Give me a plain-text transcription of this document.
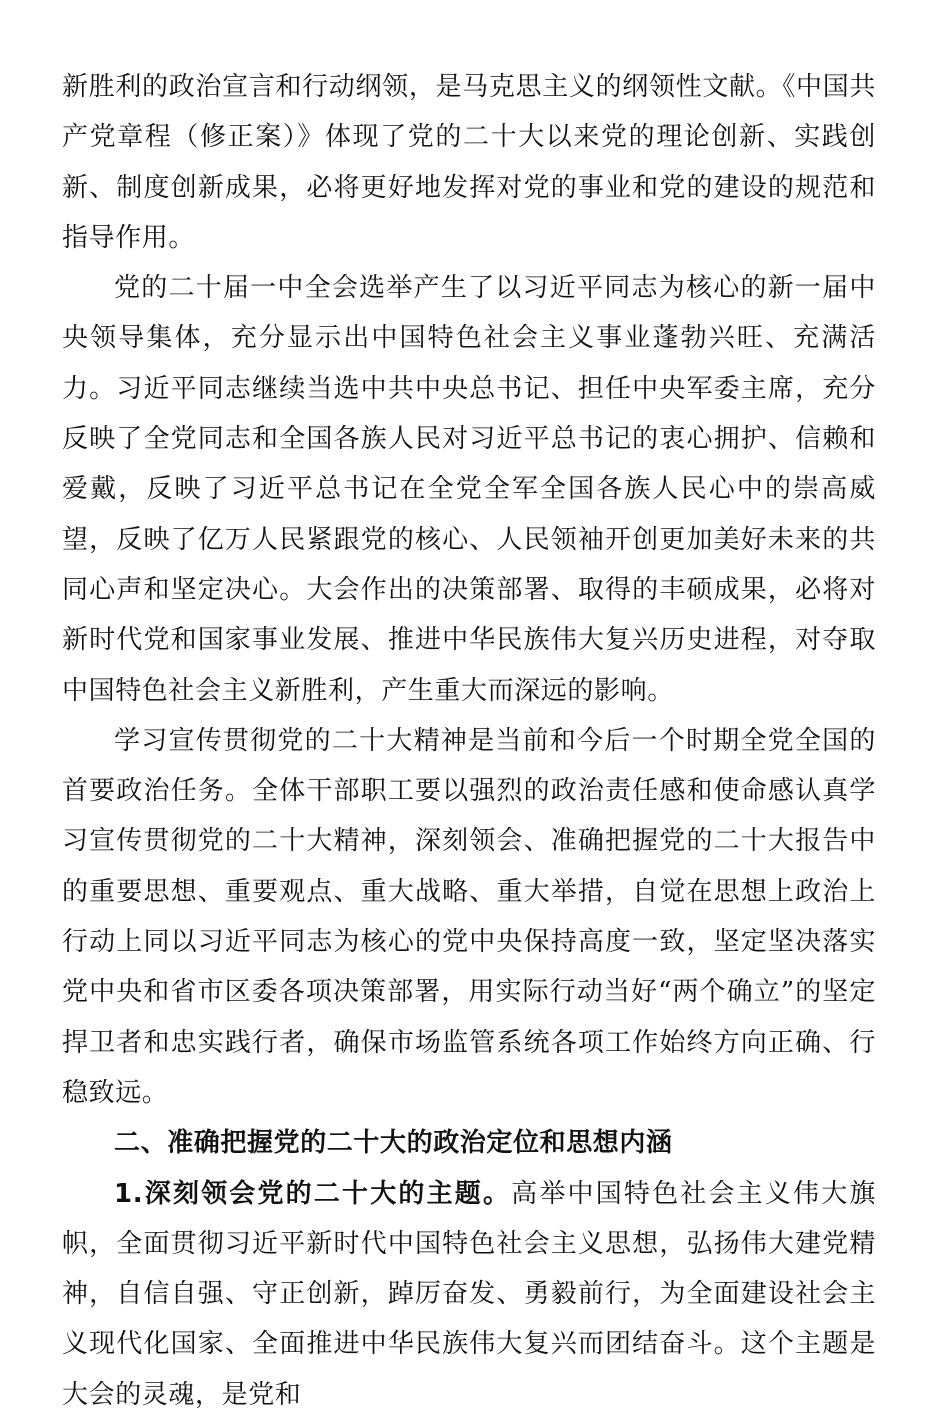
新胜利的政治宣言和行动纲领，是马克思主义的纲领性文献。《中国共产党章程（修正案）》体现了党的二十大以来党的理论创新、实践创新、制度创新成果，必将更好地发挥对党的事业和党的建设的规范和指导作用。

党的二十届一中全会选举产生了以习近平同志为核心的新一届中央领导集体，充分显示出中国特色社会主义事业蓬勃兴旺、充满活力。习近平同志继续当选中共中央总书记、担任中央军委主席，充分反映了全党同志和全国各族人民对习近平总书记的衷心拥护、信赖和爱戴，反映了习近平总书记在全党全军全国各族人民心中的崇高威望，反映了亿万人民紧跟党的核心、人民领袖开创更加美好未来的共同心声和坚定决心。大会作出的决策部署、取得的丰硕成果，必将对新时代党和国家事业发展、推进中华民族伟大复兴历史进程，对夺取中国特色社会主义新胜利，产生重大而深远的影响。

学习宣传贯彻党的二十大精神是当前和今后一个时期全党全国的首要政治任务。全体干部职工要以强烈的政治责任感和使命感认真学习宣传贯彻党的二十大精神，深刻领会、准确把握党的二十大报告中的重要思想、重要观点、重大战略、重大举措，自觉在思想上政治上行动上同以习近平同志为核心的党中央保持高度一致，坚定坚决落实党中央和省市区委各项决策部署，用实际行动当好“两个确立”的坚定捍卫者和忠实践行者，确保市场监管系统各项工作始终方向正确、行稳致远。

二、准确把握党的二十大的政治定位和思想内涵

1.深刻领会党的二十大的主题。高举中国特色社会主义伟大旗帜，全面贯彻习近平新时代中国特色社会主义思想，弘扬伟大建党精神，自信自强、守正创新，踔厉奋发、勇毅前行，为全面建设社会主义现代化国家、全面推进中华民族伟大复兴而团结奋斗。这个主题是大会的灵魂，是党和
